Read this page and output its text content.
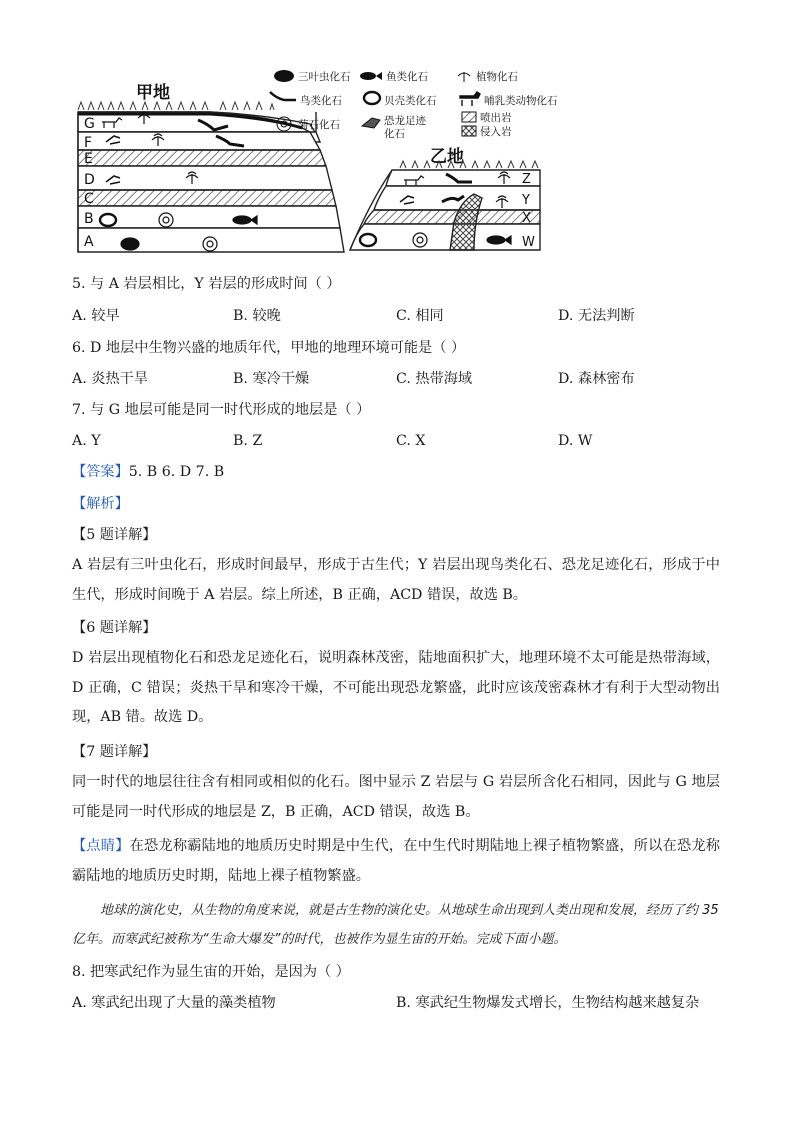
甲地
G
F
E
D
C
B
A
三叶虫化石	鱼类化石	植物化石
鸟类化石	贝壳类化石	哺乳类动物化石
菊石化石	恐龙足迹
化石
喷出岩
侵入岩
乙地
Z
Y
X
W
5. 与 A 岩层相比，Y 岩层的形成时间（ ）
A. 较早	B. 较晚	C. 相同	D. 无法判断
6. D 地层中生物兴盛的地质年代，甲地的地理环境可能是（ ）
A. 炎热干旱	B. 寒冷干燥	C. 热带海域	D. 森林密布
7. 与 G 地层可能是同一时代形成的地层是（ ）
A. Y	B. Z	C. X	D. W
【答案】5. B 6. D 7. B
【解析】
【5 题详解】
A 岩层有三叶虫化石，形成时间最早，形成于古生代；Y 岩层出现鸟类化石、恐龙足迹化石，形成于中生代，形成时间晚于 A 岩层。综上所述，B 正确，ACD 错误，故选 B。
【6 题详解】
D 岩层出现植物化石和恐龙足迹化石，说明森林茂密，陆地面积扩大，地理环境不太可能是热带海域，D 正确，C 错误；炎热干旱和寒冷干燥，不可能出现恐龙繁盛，此时应该茂密森林才有利于大型动物出现，AB 错。故选 D。
【7 题详解】
同一时代的地层往往含有相同或相似的化石。图中显示 Z 岩层与 G 岩层所含化石相同，因此与 G 地层可能是同一时代形成的地层是 Z，B 正确，ACD 错误，故选 B。
【点睛】在恐龙称霸陆地的地质历史时期是中生代，在中生代时期陆地上裸子植物繁盛，所以在恐龙称霸陆地的地质历史时期，陆地上裸子植物繁盛。
地球的演化史，从生物的角度来说，就是古生物的演化史。从地球生命出现到人类出现和发展，经历了约 35 亿年。而寒武纪被称为“生命大爆发”的时代，也被作为显生宙的开始。完成下面小题。
8. 把寒武纪作为显生宙的开始，是因为（ ）
A. 寒武纪出现了大量的藻类植物	B. 寒武纪生物爆发式增长，生物结构越来越复杂
